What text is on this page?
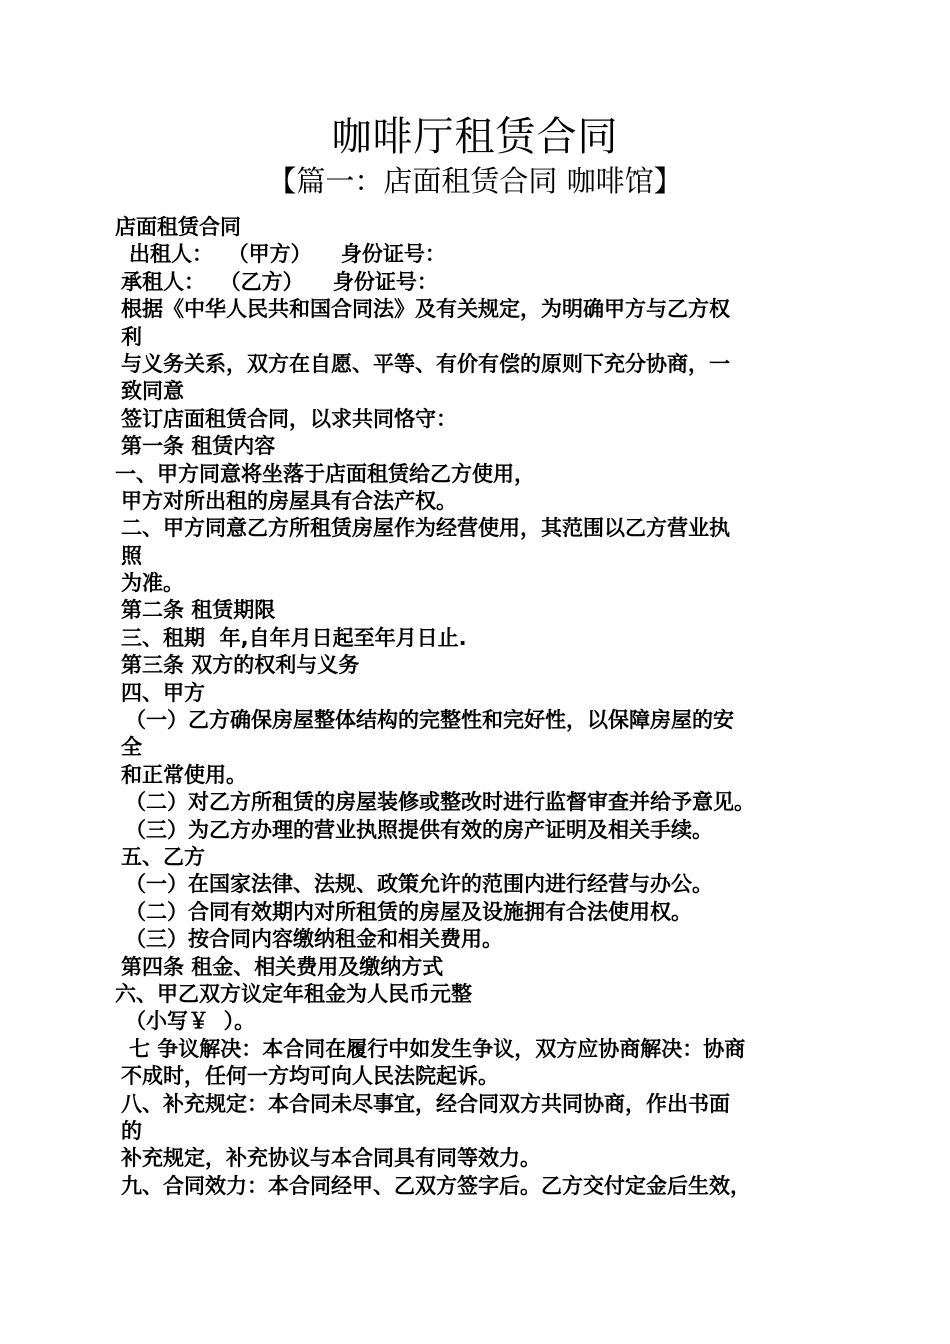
咖啡厅租赁合同
【篇一：店面租赁合同 咖啡馆】
店面租赁合同
出租人：  （甲方）    身份证号：
承租人：  （乙方）    身份证号：
根据《中华人民共和国合同法》及有关规定，为明确甲方与乙方权
利
与义务关系，双方在自愿、平等、有价有偿的原则下充分协商，一
致同意
签订店面租赁合同，以求共同恪守：
第一条 租赁内容
一、甲方同意将坐落于店面租赁给乙方使用，
甲方对所出租的房屋具有合法产权。
二、甲方同意乙方所租赁房屋作为经营使用，其范围以乙方营业执
照
为准。
第二条 租赁期限
三、租期  年,自年月日起至年月日止.
第三条 双方的权利与义务
四、甲方
（一）乙方确保房屋整体结构的完整性和完好性，以保障房屋的安
全
和正常使用。
（二）对乙方所租赁的房屋装修或整改时进行监督审查并给予意见。
（三）为乙方办理的营业执照提供有效的房产证明及相关手续。
五、乙方
（一）在国家法律、法规、政策允许的范围内进行经营与办公。
（二）合同有效期内对所租赁的房屋及设施拥有合法使用权。
（三）按合同内容缴纳租金和相关费用。
第四条 租金、相关费用及缴纳方式
六、甲乙双方议定年租金为人民币元整
（小写￥  ）。
七 争议解决：本合同在履行中如发生争议，双方应协商解决：协商
不成时，任何一方均可向人民法院起诉。
八、补充规定：本合同未尽事宜，经合同双方共同协商，作出书面
的
补充规定，补充协议与本合同具有同等效力。
九、合同效力：本合同经甲、乙双方签字后。乙方交付定金后生效，
